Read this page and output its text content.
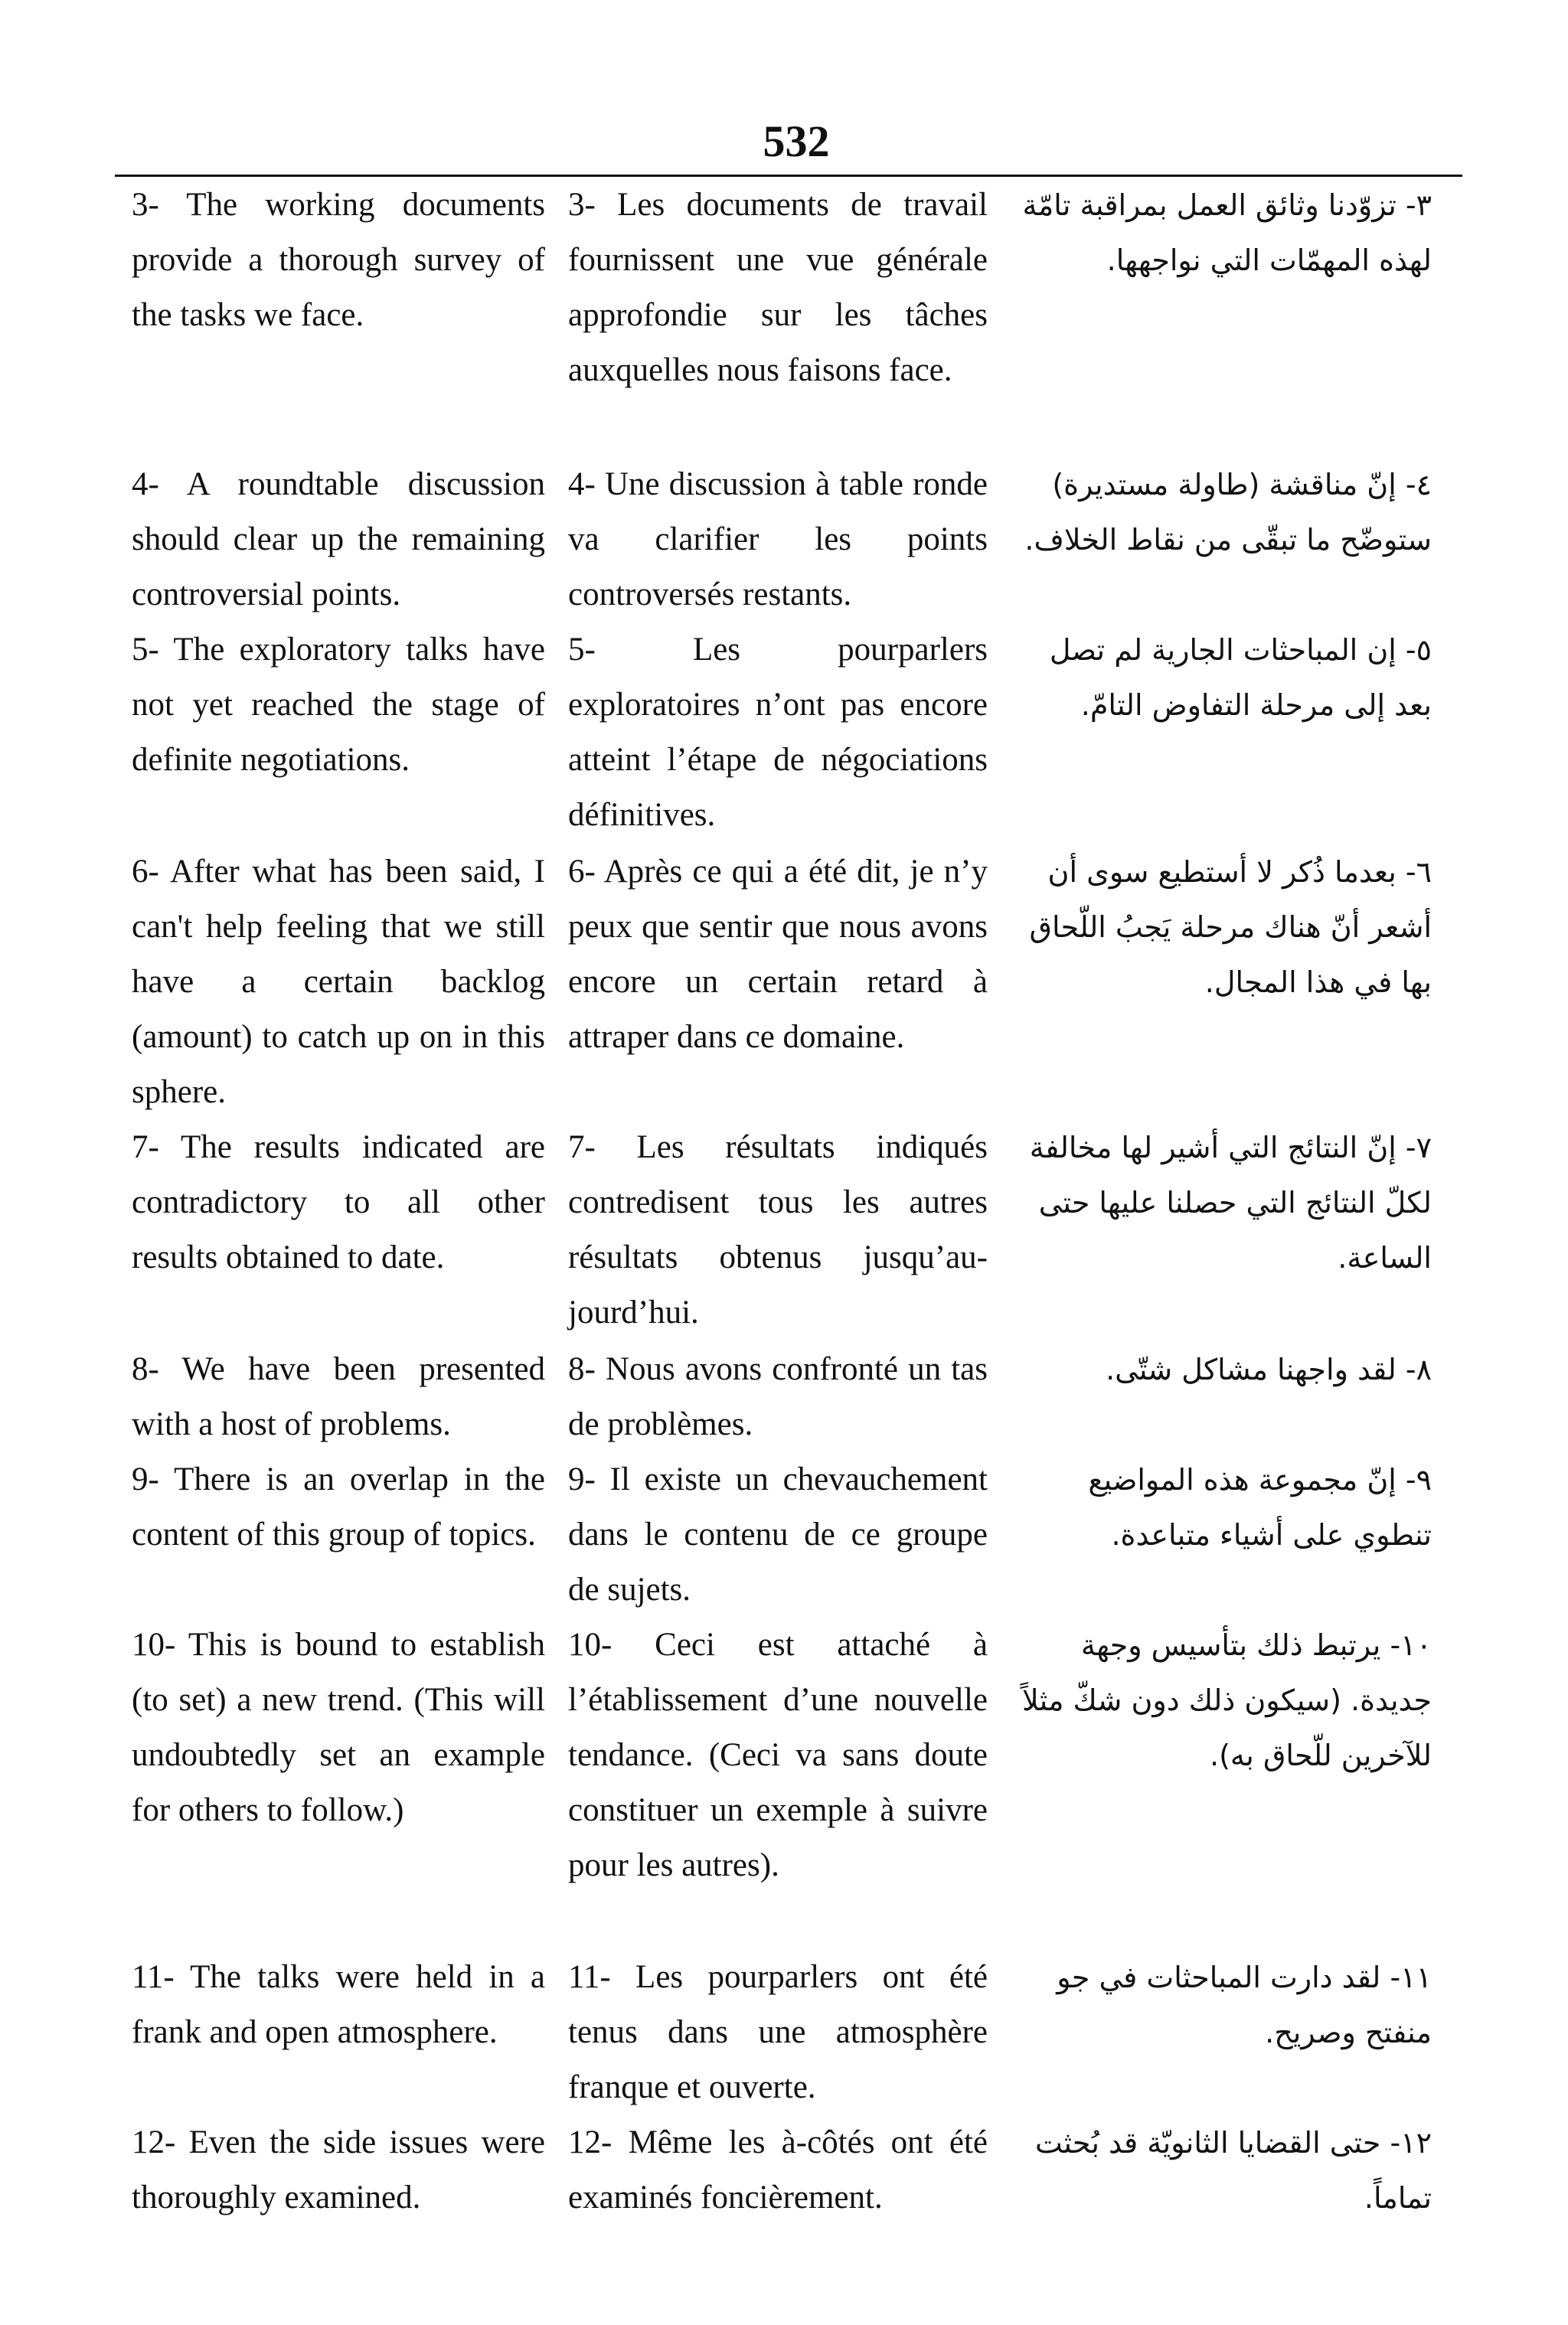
532
3- The working documents provide a thorough survey of the tasks we face.
3- Les documents de travail fournissent une vue générale approfondie sur les tâches auxquelles nous faisons face.
٣- تزوّدنا وثائق العمل بمراقبة تامّة لهذه المهمّات التي نواجهها.
4- A roundtable discussion should clear up the remaining controversial points.
4- Une discussion à table ronde va clarifier les points controversés restants.
٤- إنّ مناقشة (طاولة مستديرة) ستوضّح ما تبقّى من نقاط الخلاف.
5- The exploratory talks have not yet reached the stage of definite negotiations.
5- Les pourparlers exploratoires n’ont pas encore atteint l’étape de négociations définitives.
٥- إن المباحثات الجارية لم تصل بعد إلى مرحلة التفاوض التامّ.
6- After what has been said, I can't help feeling that we still have a certain backlog (amount) to catch up on in this sphere.
6- Après ce qui a été dit, je n’y peux que sentir que nous avons encore un certain retard à attraper dans ce domaine.
٦- بعدما ذُكر لا أستطيع سوى أن أشعر أنّ هناك مرحلة يَجبُ اللّحاق بها في هذا المجال.
7- The results indicated are contradictory to all other results obtained to date.
7- Les résultats indiqués contredisent tous les autres résultats obtenus jusqu’au-jourd’hui.
٧- إنّ النتائج التي أشير لها مخالفة لكلّ النتائج التي حصلنا عليها حتى الساعة.
8- We have been presented with a host of problems.
8- Nous avons confronté un tas de problèmes.
٨- لقد واجهنا مشاكل شتّى.
9- There is an overlap in the content of this group of topics.
9- Il existe un chevauchement dans le contenu de ce groupe de sujets.
٩- إنّ مجموعة هذه المواضيع تنطوي على أشياء متباعدة.
10- This is bound to establish (to set) a new trend. (This will undoubtedly set an example for others to follow.)
10- Ceci est attaché à l’établissement d’une nouvelle tendance. (Ceci va sans doute constituer un exemple à suivre pour les autres).
١٠- يرتبط ذلك بتأسيس وجهة جديدة. (سيكون ذلك دون شكّ مثلاً للآخرين للّحاق به).
11- The talks were held in a frank and open atmosphere.
11- Les pourparlers ont été tenus dans une atmosphère franque et ouverte.
١١- لقد دارت المباحثات في جو منفتح وصريح.
12- Even the side issues were thoroughly examined.
12- Même les à-côtés ont été examinés foncièrement.
١٢- حتى القضايا الثانويّة قد بُحثت تماماً.
